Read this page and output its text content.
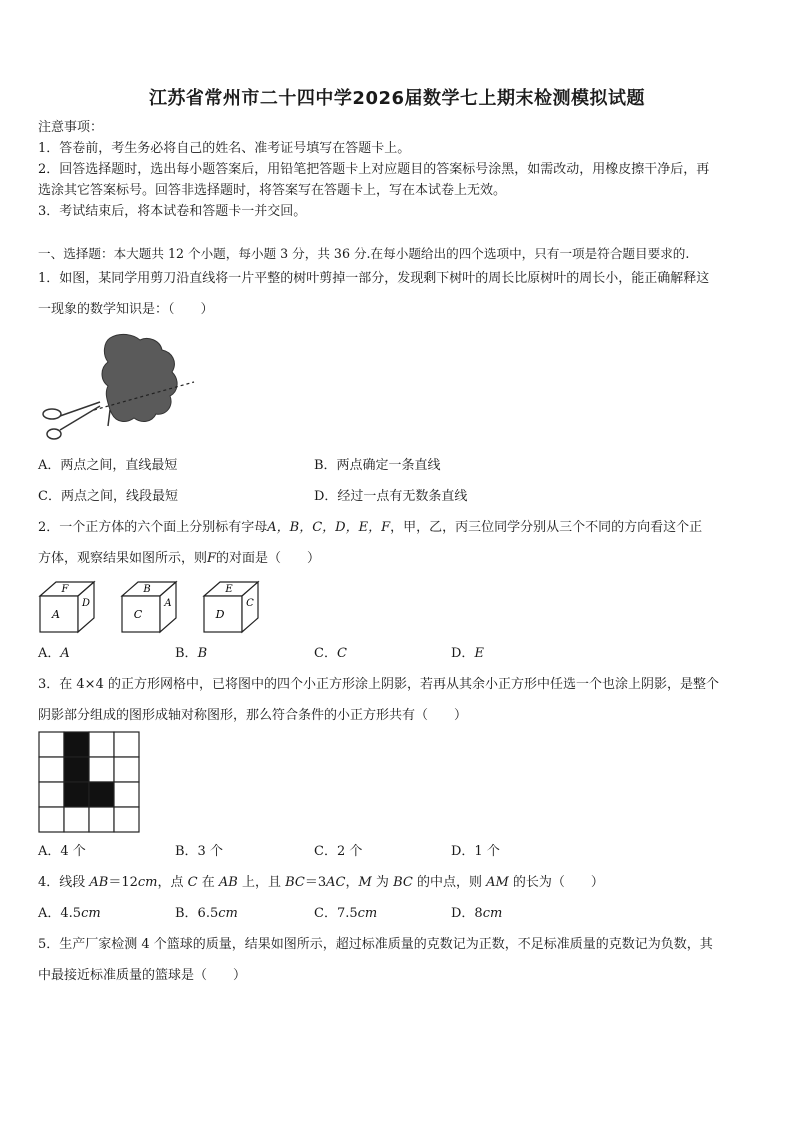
江苏省常州市二十四中学2026届数学七上期末检测模拟试题
注意事项：
1．答卷前，考生务必将自己的姓名、准考证号填写在答题卡上。
2．回答选择题时，选出每小题答案后，用铅笔把答题卡上对应题目的答案标号涂黑，如需改动，用橡皮擦干净后，再
选涂其它答案标号。回答非选择题时，将答案写在答题卡上，写在本试卷上无效。
3．考试结束后，将本试卷和答题卡一并交回。
一、选择题：本大题共 12 个小题，每小题 3 分，共 36 分.在每小题给出的四个选项中，只有一项是符合题目要求的.
1．如图，某同学用剪刀沿直线将一片平整的树叶剪掉一部分，发现剩下树叶的周长比原树叶的周长小，能正确解释这
一现象的数学知识是：（　　）
A．两点之间，直线最短	B．两点确定一条直线
C．两点之间，线段最短	D．经过一点有无数条直线
2．一个正方体的六个面上分别标有字母A，B，C，D，E，F，甲，乙，丙三位同学分别从三个不同的方向看这个正
方体，观察结果如图所示，则F的对面是（　　）
F
A
D
B
C
A
E
D
C
A．A	B．B	C．C	D．E
3．在 4×4 的正方形网格中，已将图中的四个小正方形涂上阴影，若再从其余小正方形中任选一个也涂上阴影，是整个
阴影部分组成的图形成轴对称图形，那么符合条件的小正方形共有（　　）
A．4 个	B．3 个	C．2 个	D．1 个
4．线段 AB＝12cm，点 C 在 AB 上，且 BC＝3AC，M 为 BC 的中点，则 AM 的长为（　　）
A．4.5cm	B．6.5cm	C．7.5cm	D．8cm
5．生产厂家检测 4 个篮球的质量，结果如图所示，超过标准质量的克数记为正数，不足标准质量的克数记为负数，其
中最接近标准质量的篮球是（　　）
